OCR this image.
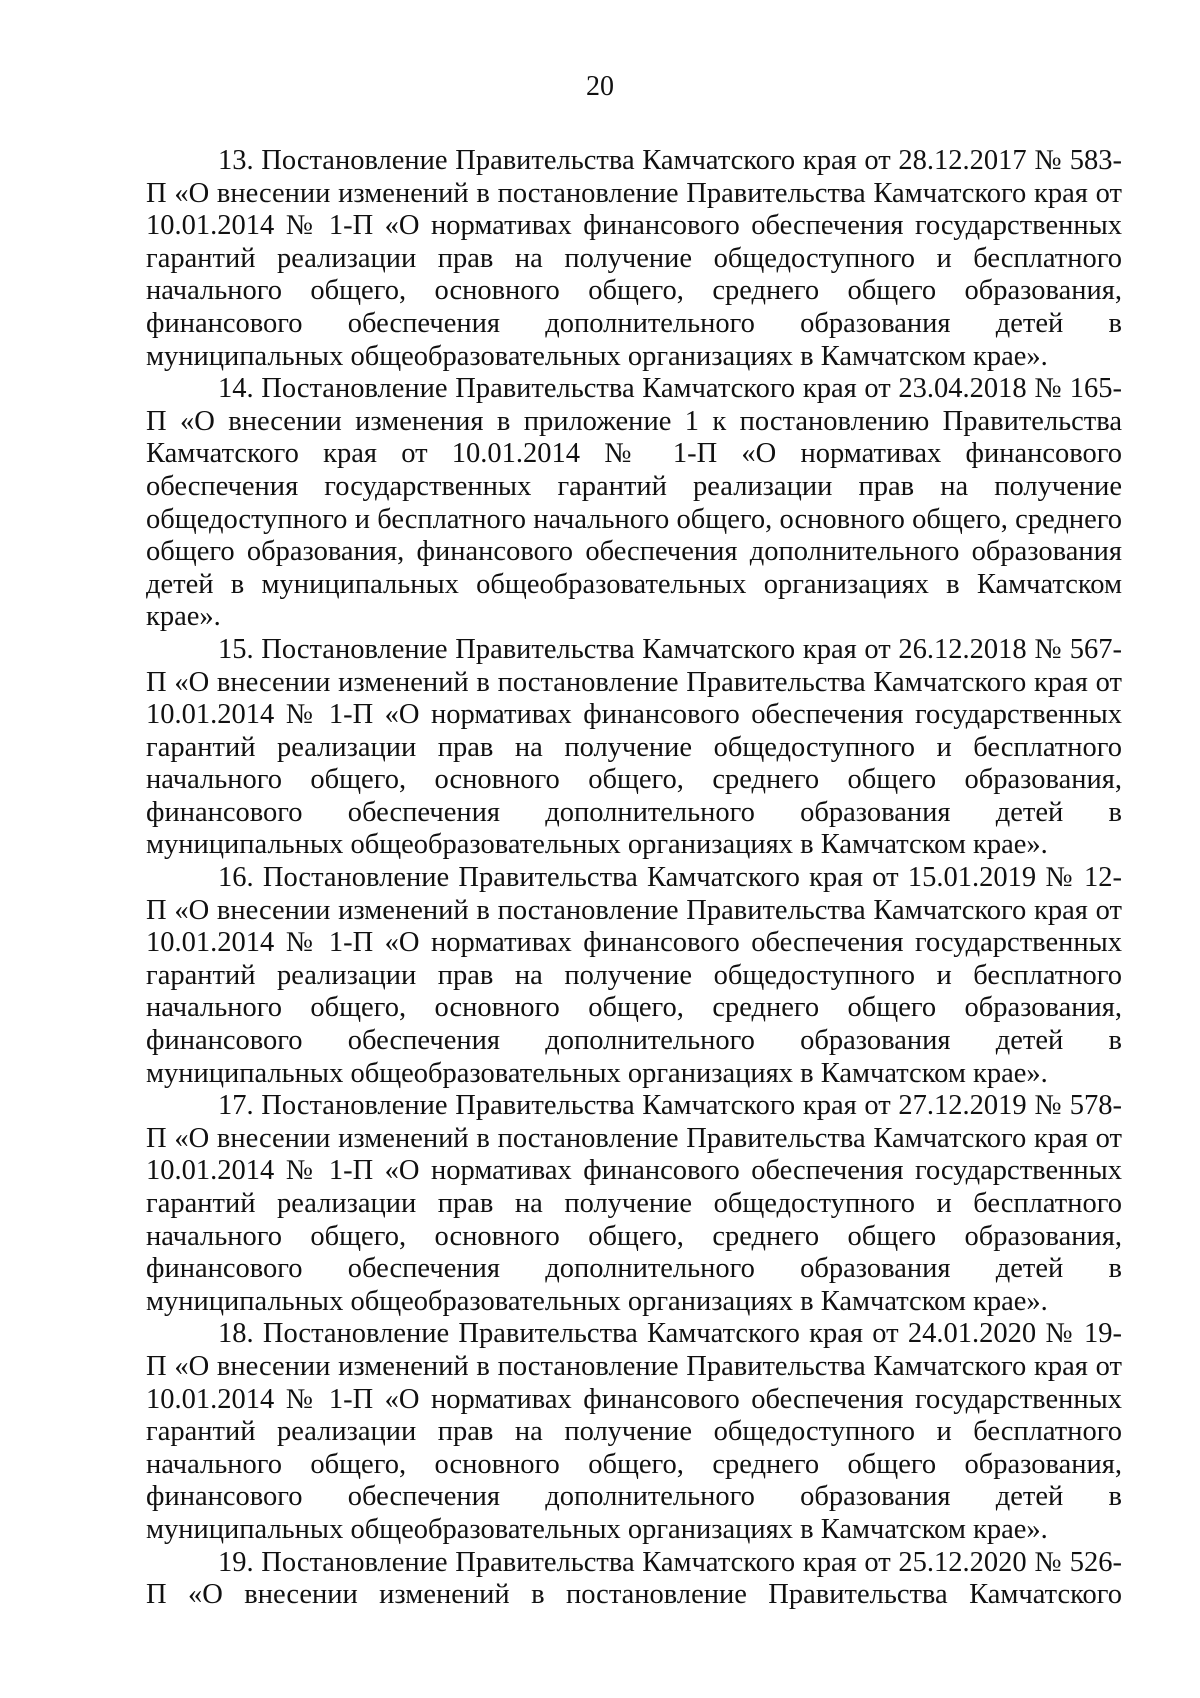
20

13. Постановление Правительства Камчатского края от 28.12.2017 № 583-П «О внесении изменений в постановление Правительства Камчатского края от 10.01.2014 № 1-П «О нормативах финансового обеспечения государственных гарантий реализации прав на получение общедоступного и бесплатного начального общего, основного общего, среднего общего образования, финансового обеспечения дополнительного образования детей в муниципальных общеобразовательных организациях в Камчатском крае».

14. Постановление Правительства Камчатского края от 23.04.2018 № 165-П «О внесении изменения в приложение 1 к постановлению Правительства Камчатского края от 10.01.2014 № 1-П «О нормативах финансового обеспечения государственных гарантий реализации прав на получение общедоступного и бесплатного начального общего, основного общего, среднего общего образования, финансового обеспечения дополнительного образования детей в муниципальных общеобразовательных организациях в Камчатском крае».

15. Постановление Правительства Камчатского края от 26.12.2018 № 567-П «О внесении изменений в постановление Правительства Камчатского края от 10.01.2014 № 1-П «О нормативах финансового обеспечения государственных гарантий реализации прав на получение общедоступного и бесплатного начального общего, основного общего, среднего общего образования, финансового обеспечения дополнительного образования детей в муниципальных общеобразовательных организациях в Камчатском крае».

16. Постановление Правительства Камчатского края от 15.01.2019 № 12-П «О внесении изменений в постановление Правительства Камчатского края от 10.01.2014 № 1-П «О нормативах финансового обеспечения государственных гарантий реализации прав на получение общедоступного и бесплатного начального общего, основного общего, среднего общего образования, финансового обеспечения дополнительного образования детей в муниципальных общеобразовательных организациях в Камчатском крае».

17. Постановление Правительства Камчатского края от 27.12.2019 № 578-П «О внесении изменений в постановление Правительства Камчатского края от 10.01.2014 № 1-П «О нормативах финансового обеспечения государственных гарантий реализации прав на получение общедоступного и бесплатного начального общего, основного общего, среднего общего образования, финансового обеспечения дополнительного образования детей в муниципальных общеобразовательных организациях в Камчатском крае».

18. Постановление Правительства Камчатского края от 24.01.2020 № 19-П «О внесении изменений в постановление Правительства Камчатского края от 10.01.2014 № 1-П «О нормативах финансового обеспечения государственных гарантий реализации прав на получение общедоступного и бесплатного начального общего, основного общего, среднего общего образования, финансового обеспечения дополнительного образования детей в муниципальных общеобразовательных организациях в Камчатском крае».

19. Постановление Правительства Камчатского края от 25.12.2020 № 526-П «О внесении изменений в постановление Правительства Камчатского
